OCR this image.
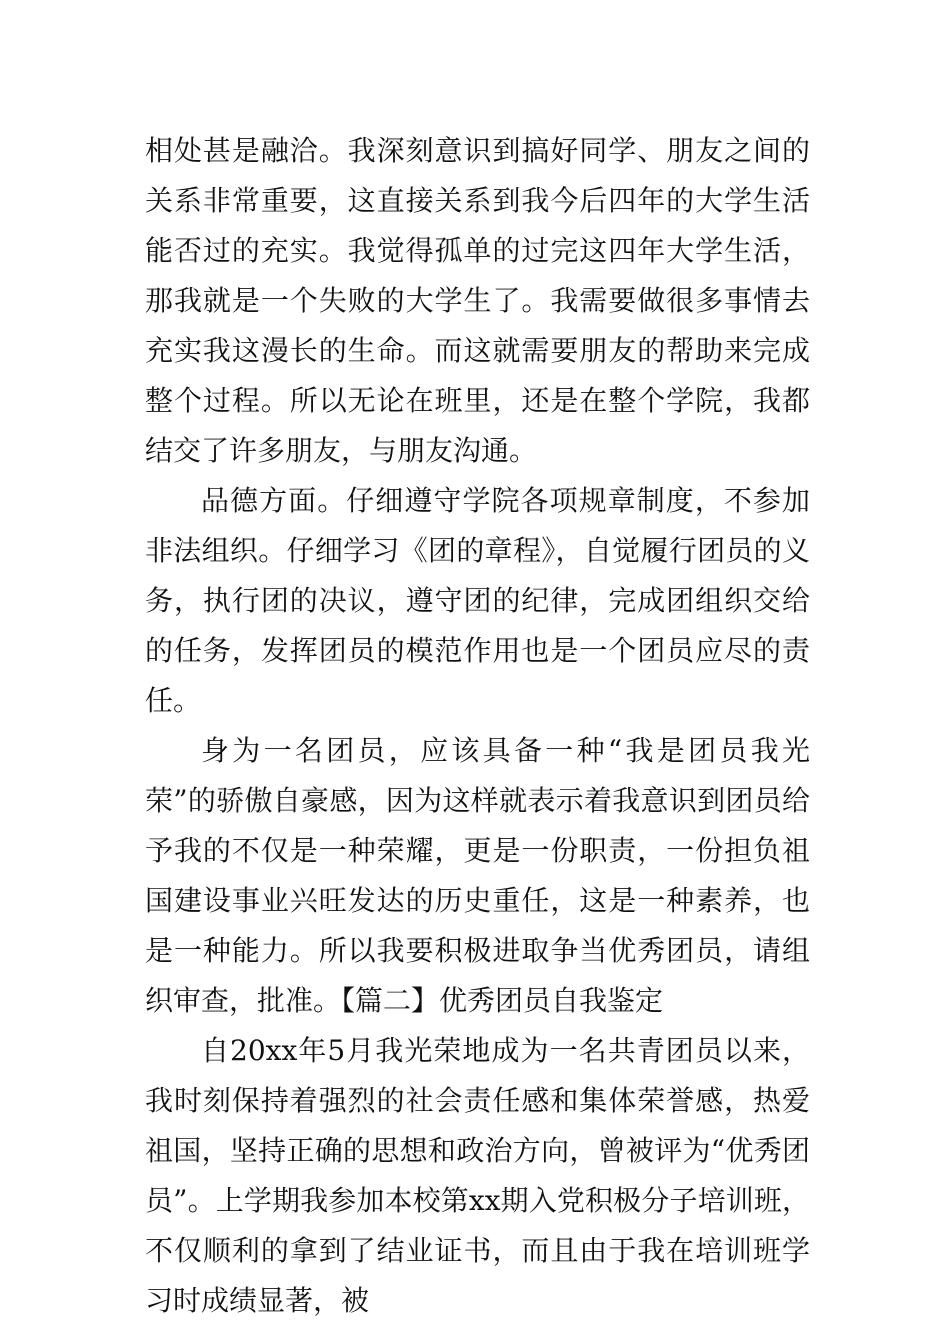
相处甚是融洽。我深刻意识到搞好同学、朋友之间的关系非常重要，这直接关系到我今后四年的大学生活能否过的充实。我觉得孤单的过完这四年大学生活，那我就是一个失败的大学生了。我需要做很多事情去充实我这漫长的生命。而这就需要朋友的帮助来完成整个过程。所以无论在班里，还是在整个学院，我都结交了许多朋友，与朋友沟通。

品德方面。仔细遵守学院各项规章制度，不参加非法组织。仔细学习《团的章程》，自觉履行团员的义务，执行团的决议，遵守团的纪律，完成团组织交给的任务，发挥团员的模范作用也是一个团员应尽的责任。

身为一名团员，应该具备一种“我是团员我光荣”的骄傲自豪感，因为这样就表示着我意识到团员给予我的不仅是一种荣耀，更是一份职责，一份担负祖国建设事业兴旺发达的历史重任，这是一种素养，也是一种能力。所以我要积极进取争当优秀团员，请组织审查，批准。【篇二】优秀团员自我鉴定

自20xx年5月我光荣地成为一名共青团员以来，我时刻保持着强烈的社会责任感和集体荣誉感，热爱祖国，坚持正确的思想和政治方向，曾被评为“优秀团员”。上学期我参加本校第xx期入党积极分子培训班，不仅顺利的拿到了结业证书，而且由于我在培训班学习时成绩显著，被
